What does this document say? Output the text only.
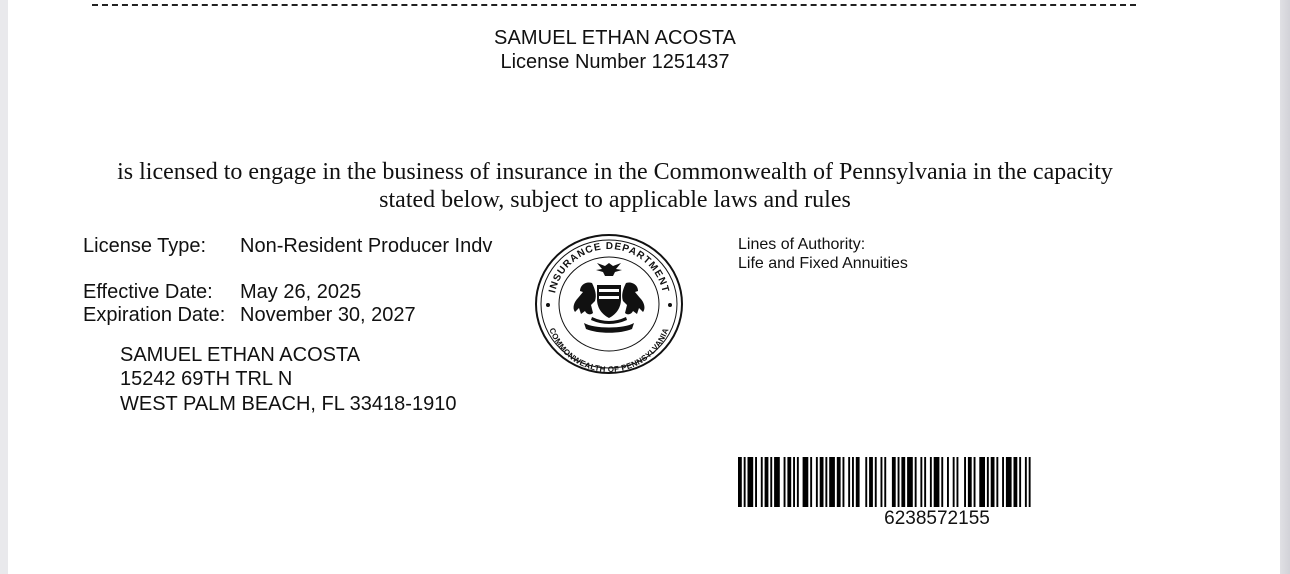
SAMUEL ETHAN ACOSTA
License Number 1251437
is licensed to engage in the business of insurance in the Commonwealth of Pennsylvania in the capacity
stated below, subject to applicable laws and rules
License Type: Non-Resident Producer Indv
Effective Date: May 26, 2025
Expiration Date: November 30, 2027
SAMUEL ETHAN ACOSTA
15242 69TH TRL N
WEST PALM BEACH, FL 33418-1910
Lines of Authority:
Life and Fixed Annuities
INSURANCE DEPARTMENT
COMMONWEALTH OF PENNSYLVANIA
6238572155
